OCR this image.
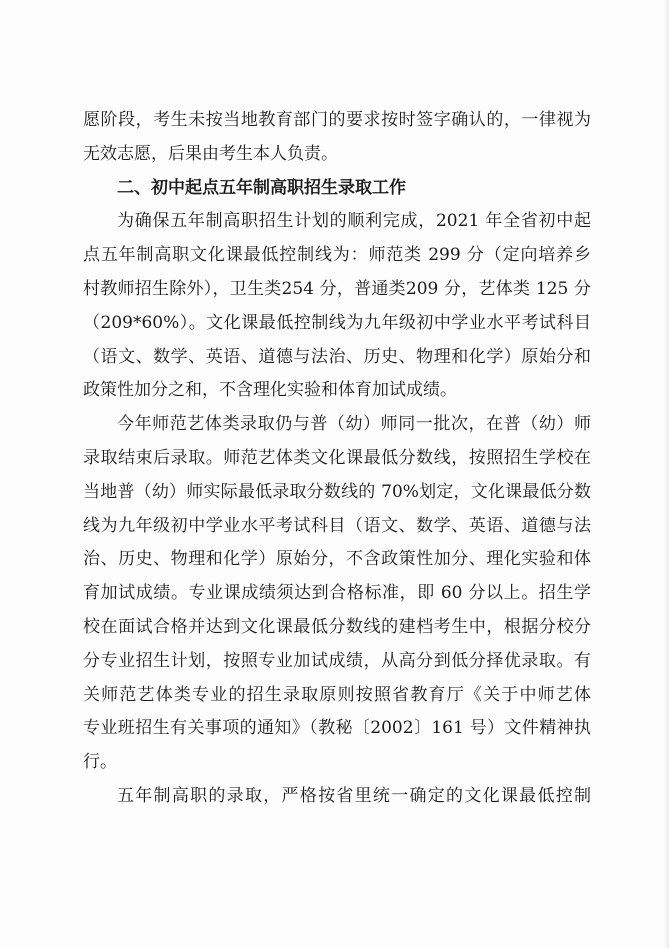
愿阶段，考生未按当地教育部门的要求按时签字确认的，一律视为
无效志愿，后果由考生本人负责。
二、初中起点五年制高职招生录取工作
为确保五年制高职招生计划的顺利完成，2021 年全省初中起
点五年制高职文化课最低控制线为：师范类 299 分（定向培养乡
村教师招生除外），卫生类254 分，普通类209 分，艺体类 125 分
（209*60%）。文化课最低控制线为九年级初中学业水平考试科目
（语文、数学、英语、道德与法治、历史、物理和化学）原始分和
政策性加分之和，不含理化实验和体育加试成绩。
今年师范艺体类录取仍与普（幼）师同一批次，在普（幼）师
录取结束后录取。师范艺体类文化课最低分数线，按照招生学校在
当地普（幼）师实际最低录取分数线的 70%划定，文化课最低分数
线为九年级初中学业水平考试科目（语文、数学、英语、道德与法
治、历史、物理和化学）原始分，不含政策性加分、理化实验和体
育加试成绩。专业课成绩须达到合格标准，即 60 分以上。招生学
校在面试合格并达到文化课最低分数线的建档考生中，根据分校分
分专业招生计划，按照专业加试成绩，从高分到低分择优录取。有
关师范艺体类专业的招生录取原则按照省教育厅《关于中师艺体
专业班招生有关事项的通知》（教秘〔2002〕161 号）文件精神执
行。
五年制高职的录取，严格按省里统一确定的文化课最低控制
